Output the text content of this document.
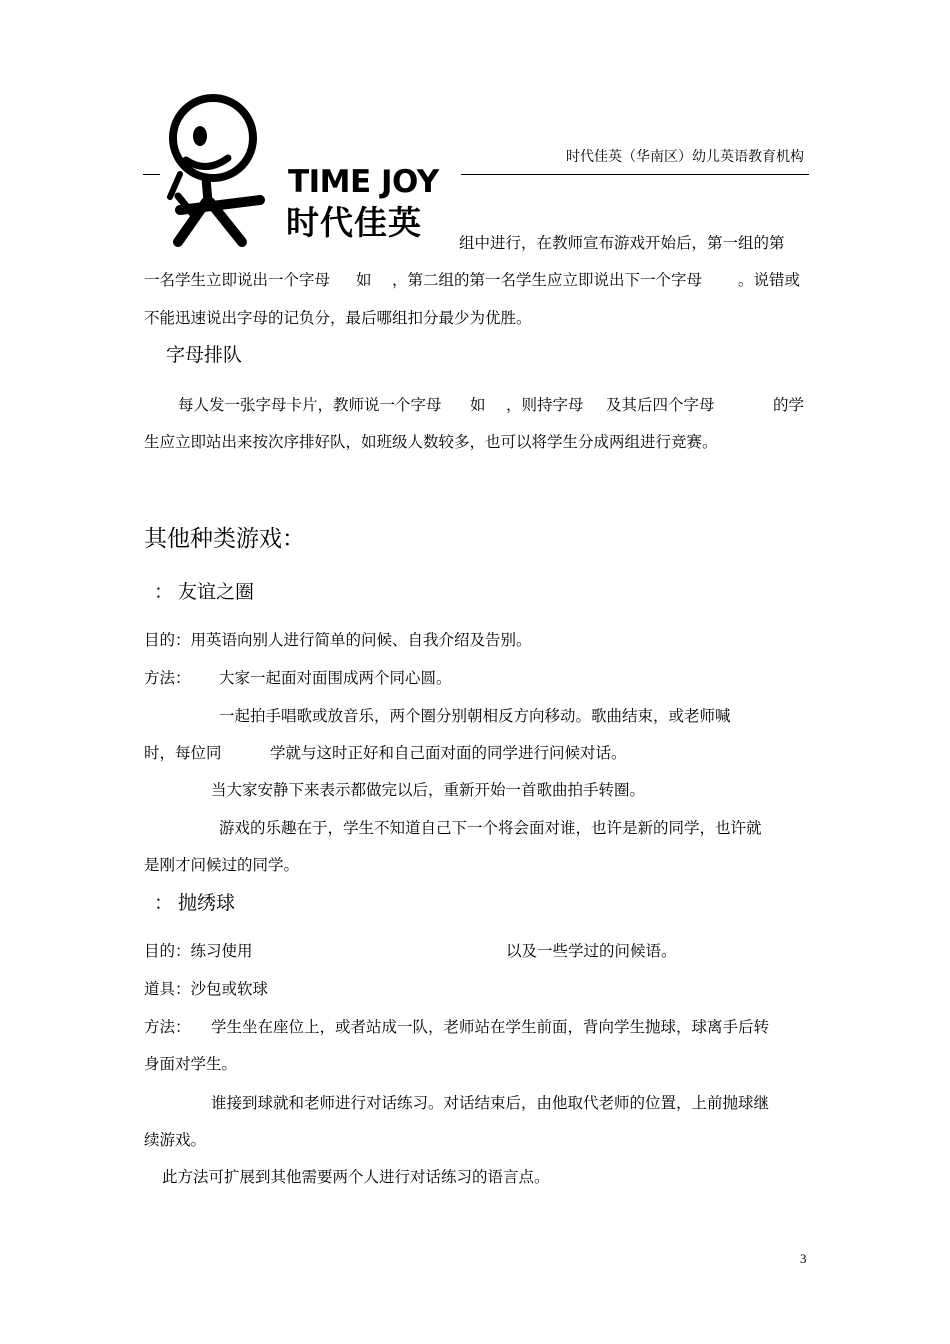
时代佳英（华南区）幼儿英语教育机构
TIME JOY
时代佳英
组中进行，在教师宣布游戏开始后，第一组的第
一名学生立即说出一个字母 如 ，第二组的第一名学生应立即说出下一个字母 。说错或
不能迅速说出字母的记负分，最后哪组扣分最少为优胜。
字母排队
每人发一张字母卡片，教师说一个字母 如 ，则持字母 及其后四个字母	的学
生应立即站出来按次序排好队，如班级人数较多，也可以将学生分成两组进行竞赛。
其他种类游戏：
： 友谊之圈
目的：用英语向别人进行简单的问候、自我介绍及告别。
方法： 大家一起面对面围成两个同心圆。
一起拍手唱歌或放音乐，两个圈分别朝相反方向移动。歌曲结束，或老师喊
时，每位同	学就与这时正好和自己面对面的同学进行问候对话。
当大家安静下来表示都做完以后，重新开始一首歌曲拍手转圈。
游戏的乐趣在于，学生不知道自己下一个将会面对谁，也许是新的同学，也许就
是刚才问候过的同学。
： 抛绣球
目的：练习使用	以及一些学过的问候语。
道具：沙包或软球
方法： 学生坐在座位上，或者站成一队，老师站在学生前面，背向学生抛球，球离手后转
身面对学生。
谁接到球就和老师进行对话练习。对话结束后，由他取代老师的位置，上前抛球继
续游戏。
此方法可扩展到其他需要两个人进行对话练习的语言点。
3
